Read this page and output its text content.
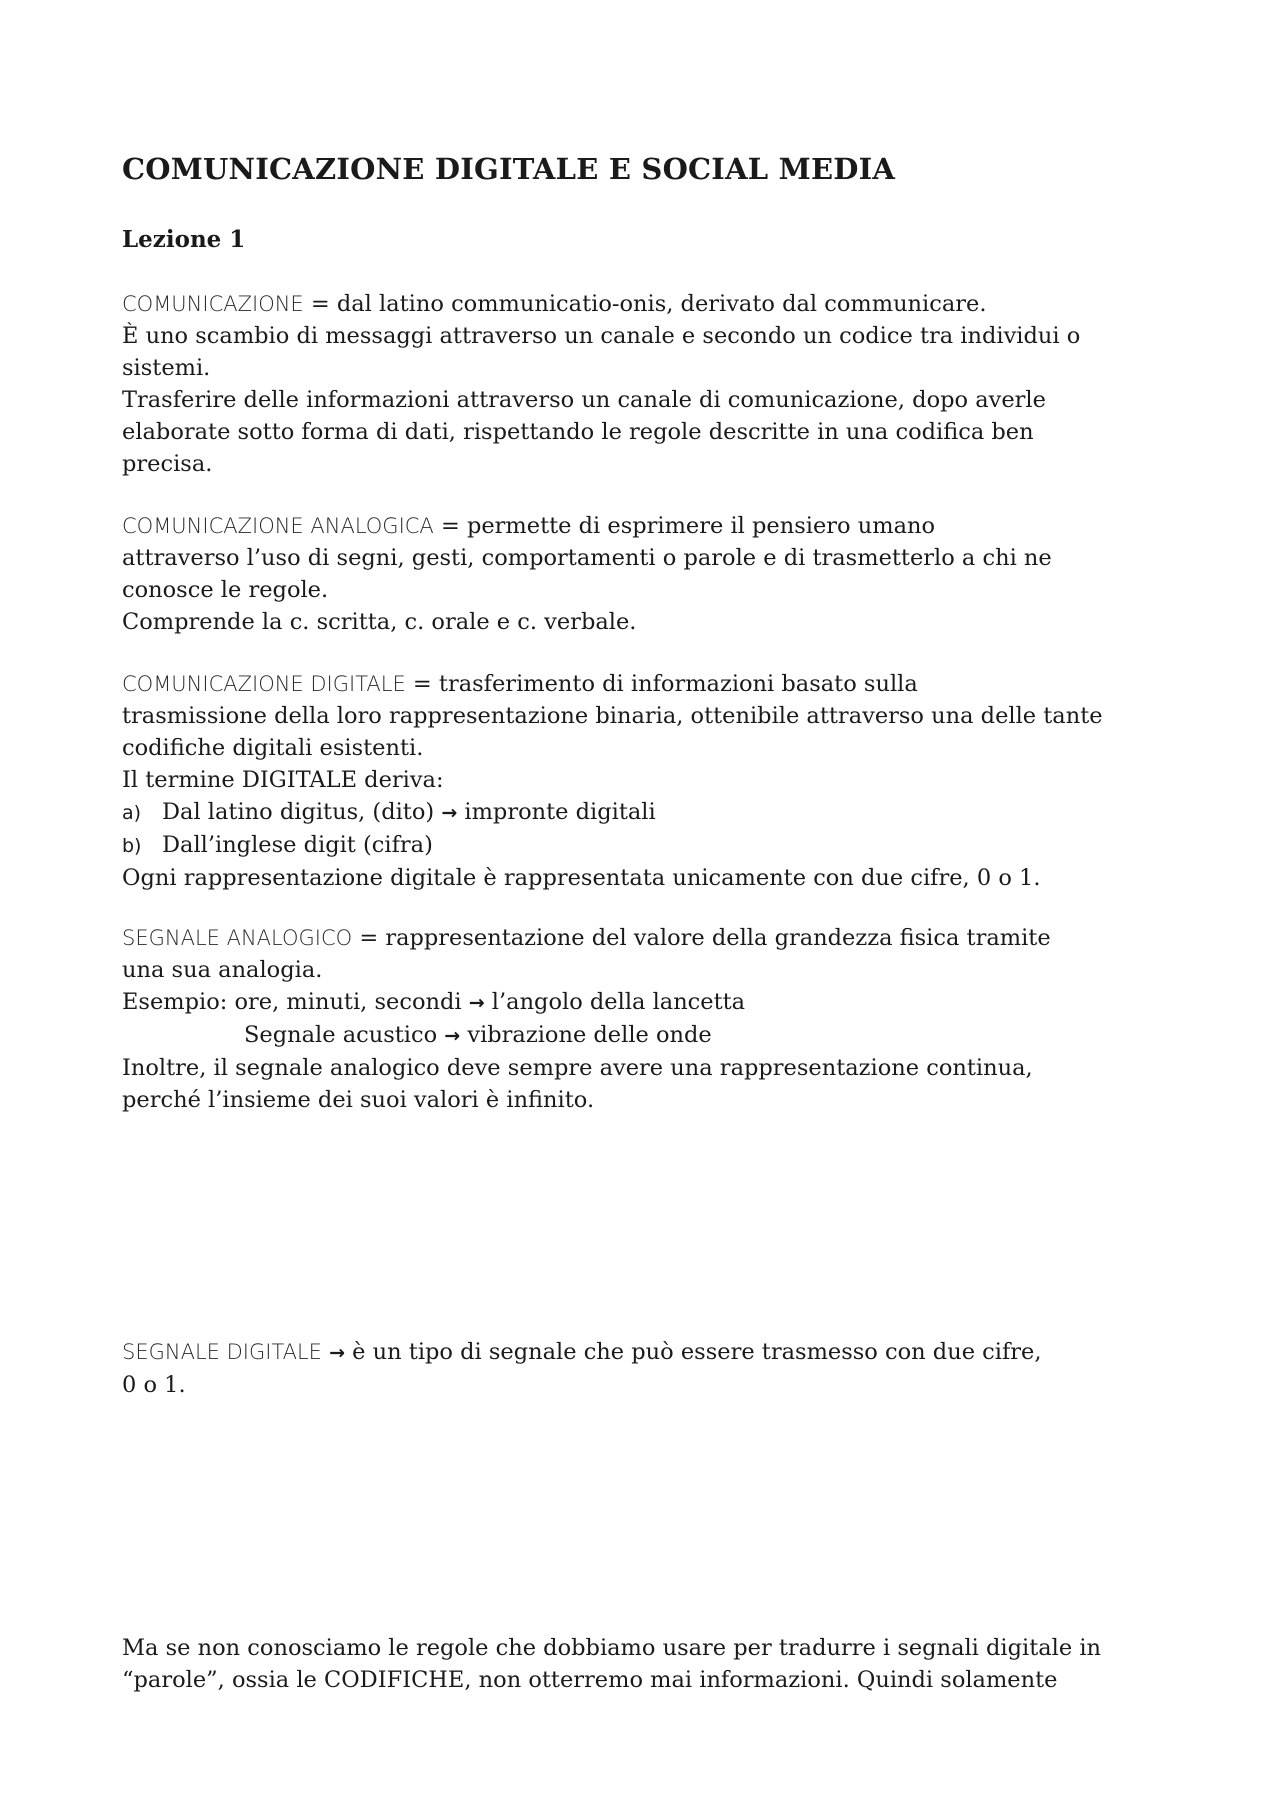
COMUNICAZIONE DIGITALE E SOCIAL MEDIA
Lezione 1
COMUNICAZIONE = dal latino communicatio-onis, derivato dal communicare.
È uno scambio di messaggi attraverso un canale e secondo un codice tra individui o
sistemi.
Trasferire delle informazioni attraverso un canale di comunicazione, dopo averle
elaborate sotto forma di dati, rispettando le regole descritte in una codifica ben
precisa.
COMUNICAZIONE ANALOGICA = permette di esprimere il pensiero umano
attraverso l’uso di segni, gesti, comportamenti o parole e di trasmetterlo a chi ne
conosce le regole.
Comprende la c. scritta, c. orale e c. verbale.
COMUNICAZIONE DIGITALE = trasferimento di informazioni basato sulla
trasmissione della loro rappresentazione binaria, ottenibile attraverso una delle tante
codifiche digitali esistenti.
Il termine DIGITALE deriva:
a) Dal latino digitus, (dito) → impronte digitali
b) Dall’inglese digit (cifra)
Ogni rappresentazione digitale è rappresentata unicamente con due cifre, 0 o 1.
SEGNALE ANALOGICO = rappresentazione del valore della grandezza fisica tramite
una sua analogia.
Esempio: ore, minuti, secondi → l’angolo della lancetta
Segnale acustico → vibrazione delle onde
Inoltre, il segnale analogico deve sempre avere una rappresentazione continua,
perché l’insieme dei suoi valori è infinito.
SEGNALE DIGITALE → è un tipo di segnale che può essere trasmesso con due cifre,
0 o 1.
Ma se non conosciamo le regole che dobbiamo usare per tradurre i segnali digitale in
“parole”, ossia le CODIFICHE, non otterremo mai informazioni. Quindi solamente
